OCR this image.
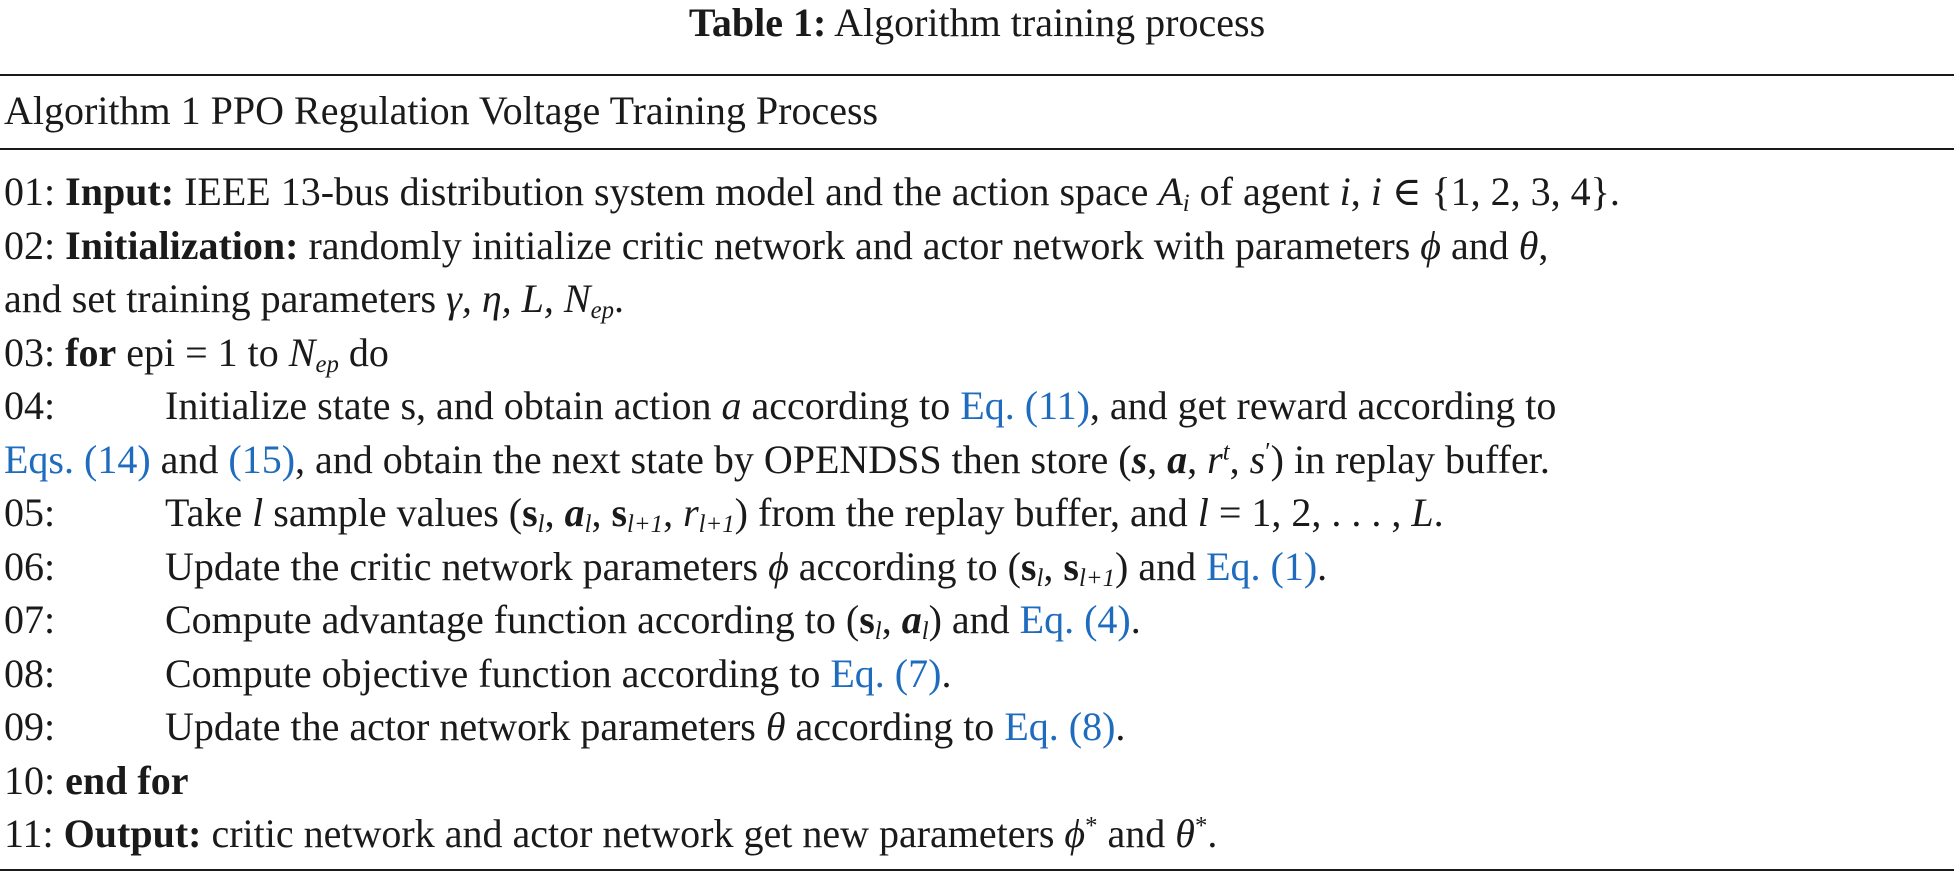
Table 1: Algorithm training process
Algorithm 1 PPO Regulation Voltage Training Process
01: Input: IEEE 13-bus distribution system model and the action space $A_i$ of agent i, i ∈ {1, 2, 3, 4}.
02: Initialization: randomly initialize critic network and actor network with parameters ϕ and θ,
and set training parameters γ, η, L, $N_{ep}$.
03: for epi = 1 to $N_{ep}$ do
04:	Initialize state s, and obtain action a according to Eq. (11), and get reward according to
Eqs. (14) and (15), and obtain the next state by OPENDSS then store (s, a, $r^t$, s′) in replay buffer.
05:	Take l sample values ($s_l$, $a_l$, $s_{l+1}$, $r_{l+1}$) from the replay buffer, and l = 1, 2, . . . , L.
06:	Update the critic network parameters ϕ according to ($s_l$, $s_{l+1}$) and Eq. (1).
07:	Compute advantage function according to ($s_l$, $a_l$) and Eq. (4).
08:	Compute objective function according to Eq. (7).
09:	Update the actor network parameters θ according to Eq. (8).
10: end for
11: Output: critic network and actor network get new parameters ϕ* and θ*.
